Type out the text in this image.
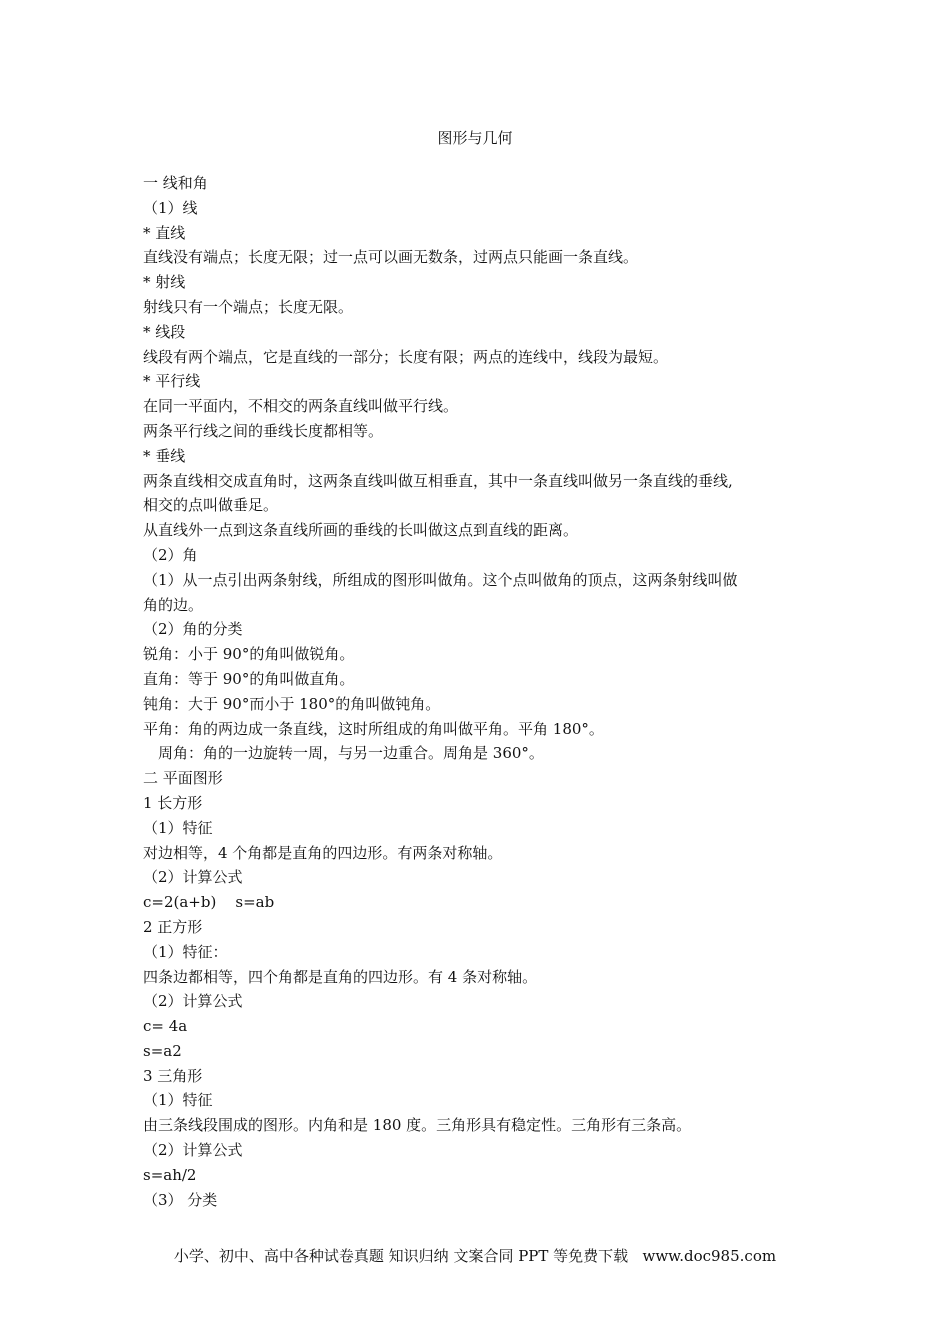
图形与几何
一 线和角
（1）线
* 直线
直线没有端点；长度无限；过一点可以画无数条，过两点只能画一条直线。
* 射线
射线只有一个端点；长度无限。
* 线段
线段有两个端点，它是直线的一部分；长度有限；两点的连线中，线段为最短。
* 平行线
在同一平面内，不相交的两条直线叫做平行线。
两条平行线之间的垂线长度都相等。
* 垂线
两条直线相交成直角时，这两条直线叫做互相垂直，其中一条直线叫做另一条直线的垂线,
相交的点叫做垂足。
从直线外一点到这条直线所画的垂线的长叫做这点到直线的距离。
（2）角
（1）从一点引出两条射线，所组成的图形叫做角。这个点叫做角的顶点，这两条射线叫做
角的边。
（2）角的分类
锐角：小于 90°的角叫做锐角。
直角：等于 90°的角叫做直角。
钝角：大于 90°而小于 180°的角叫做钝角。
平角：角的两边成一条直线，这时所组成的角叫做平角。平角 180°。
周角：角的一边旋转一周，与另一边重合。周角是 360°。
二 平面图形
1 长方形
（1）特征
对边相等，4 个角都是直角的四边形。有两条对称轴。
（2）计算公式
c=2(a+b)    s=ab
2 正方形
（1）特征：
四条边都相等，四个角都是直角的四边形。有 4 条对称轴。
（2）计算公式
c= 4a
s=a2
3 三角形
（1）特征
由三条线段围成的图形。内角和是 180 度。三角形具有稳定性。三角形有三条高。
（2）计算公式
s=ah/2
（3） 分类
小学、初中、高中各种试卷真题 知识归纳 文案合同 PPT 等免费下载   www.doc985.com
